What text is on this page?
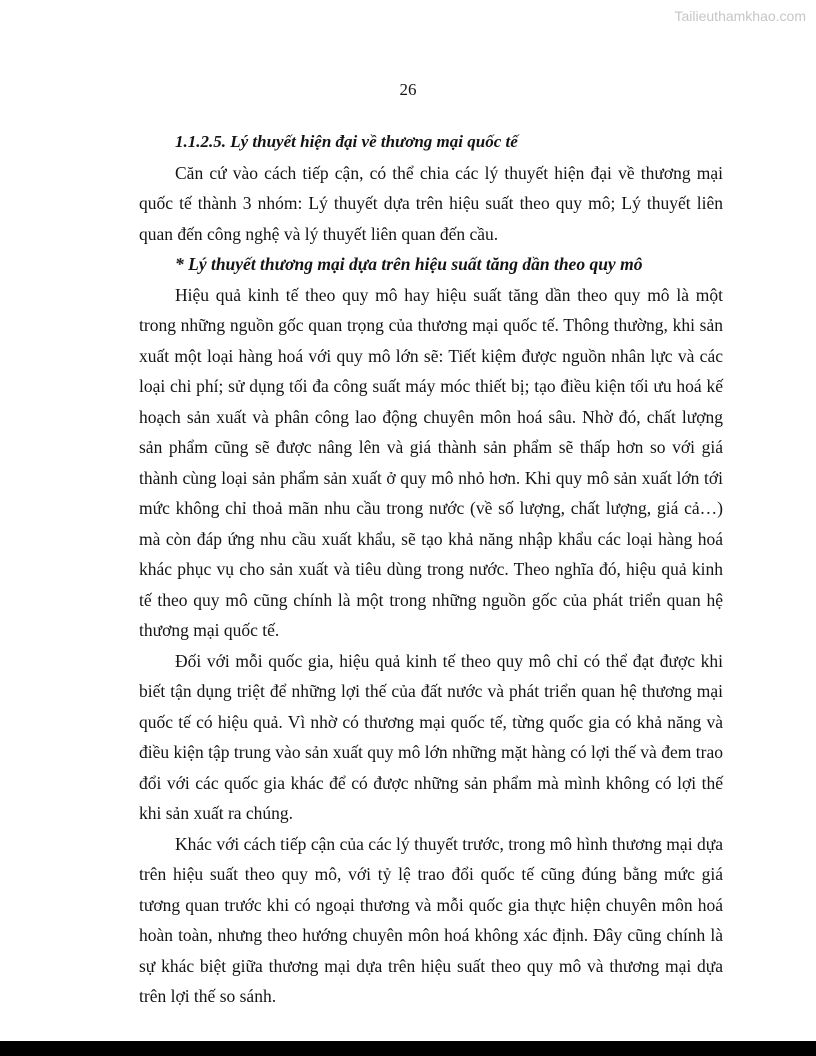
Tailieuthamkhao.com
26
1.1.2.5. Lý thuyết hiện đại về thương mại quốc tế

Căn cứ vào cách tiếp cận, có thể chia các lý thuyết hiện đại về thương mại quốc tế thành 3 nhóm: Lý thuyết dựa trên hiệu suất theo quy mô; Lý thuyết liên quan đến công nghệ và lý thuyết liên quan đến cầu.

* Lý thuyết thương mại dựa trên hiệu suất tăng dần theo quy mô

Hiệu quả kinh tế theo quy mô hay hiệu suất tăng dần theo quy mô là một trong những nguồn gốc quan trọng của thương mại quốc tế. Thông thường, khi sản xuất một loại hàng hoá với quy mô lớn sẽ: Tiết kiệm được nguồn nhân lực và các loại chi phí; sử dụng tối đa công suất máy móc thiết bị; tạo điều kiện tối ưu hoá kế hoạch sản xuất và phân công lao động chuyên môn hoá sâu. Nhờ đó, chất lượng sản phẩm cũng sẽ được nâng lên và giá thành sản phẩm sẽ thấp hơn so với giá thành cùng loại sản phẩm sản xuất ở quy mô nhỏ hơn. Khi quy mô sản xuất lớn tới mức không chỉ thoả mãn nhu cầu trong nước (về số lượng, chất lượng, giá cả…) mà còn đáp ứng nhu cầu xuất khẩu, sẽ tạo khả năng nhập khẩu các loại hàng hoá khác phục vụ cho sản xuất và tiêu dùng trong nước. Theo nghĩa đó, hiệu quả kinh tế theo quy mô cũng chính là một trong những nguồn gốc của phát triển quan hệ thương mại quốc tế.

Đối với mỗi quốc gia, hiệu quả kinh tế theo quy mô chỉ có thể đạt được khi biết tận dụng triệt để những lợi thế của đất nước và phát triển quan hệ thương mại quốc tế có hiệu quả. Vì nhờ có thương mại quốc tế, từng quốc gia có khả năng và điều kiện tập trung vào sản xuất quy mô lớn những mặt hàng có lợi thế và đem trao đổi với các quốc gia khác để có được những sản phẩm mà mình không có lợi thế khi sản xuất ra chúng.

Khác với cách tiếp cận của các lý thuyết trước, trong mô hình thương mại dựa trên hiệu suất theo quy mô, với tỷ lệ trao đổi quốc tế cũng đúng bằng mức giá tương quan trước khi có ngoại thương và mỗi quốc gia thực hiện chuyên môn hoá hoàn toàn, nhưng theo hướng chuyên môn hoá không xác định. Đây cũng chính là sự khác biệt giữa thương mại dựa trên hiệu suất theo quy mô và thương mại dựa trên lợi thế so sánh.
